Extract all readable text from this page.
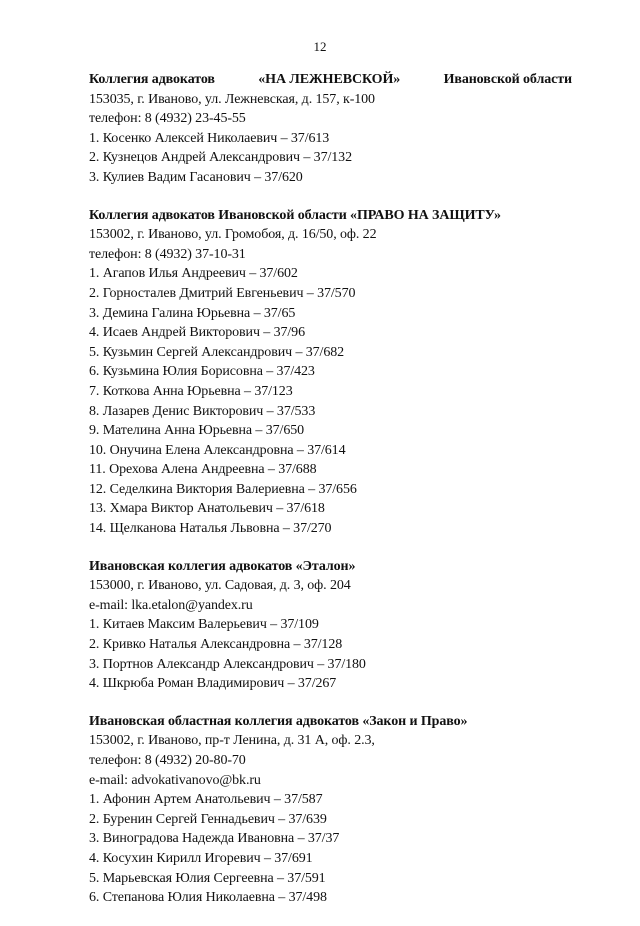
12
Коллегия адвокатов	«НА ЛЕЖНЕВСКОЙ»	Ивановской области
153035, г. Иваново, ул. Лежневская, д. 157, к-100
телефон: 8 (4932) 23-45-55
1. Косенко Алексей Николаевич – 37/613
2. Кузнецов Андрей Александрович – 37/132
3. Кулиев Вадим Гасанович – 37/620
Коллегия адвокатов Ивановской области «ПРАВО НА ЗАЩИТУ»
153002, г. Иваново, ул. Громобоя, д. 16/50, оф. 22
телефон: 8 (4932) 37-10-31
1. Агапов Илья Андреевич – 37/602
2. Горносталев Дмитрий Евгеньевич – 37/570
3. Демина Галина Юрьевна – 37/65
4. Исаев Андрей Викторович – 37/96
5. Кузьмин Сергей Александрович – 37/682
6. Кузьмина Юлия Борисовна – 37/423
7. Коткова Анна Юрьевна – 37/123
8. Лазарев Денис Викторович – 37/533
9. Мателина Анна Юрьевна – 37/650
10. Онучина Елена Александровна – 37/614
11. Орехова Алена Андреевна – 37/688
12. Седелкина Виктория Валериевна – 37/656
13. Хмара Виктор Анатольевич – 37/618
14. Щелканова Наталья Львовна – 37/270
Ивановская коллегия адвокатов «Эталон»
153000, г. Иваново, ул. Садовая, д. 3, оф. 204
e-mail: lka.etalon@yandex.ru
1. Китаев Максим Валерьевич – 37/109
2. Кривко Наталья Александровна – 37/128
3. Портнов Александр Александрович – 37/180
4. Шкрюба Роман Владимирович – 37/267
Ивановская областная коллегия адвокатов «Закон и Право»
153002, г. Иваново, пр-т Ленина, д. 31 А, оф. 2.3,
телефон: 8 (4932) 20-80-70
e-mail: advokativanovo@bk.ru
1. Афонин Артем Анатольевич – 37/587
2. Буренин Сергей Геннадьевич – 37/639
3. Виноградова Надежда Ивановна – 37/37
4. Косухин Кирилл Игоревич – 37/691
5. Марьевская Юлия Сергеевна – 37/591
6. Степанова Юлия Николаевна – 37/498
